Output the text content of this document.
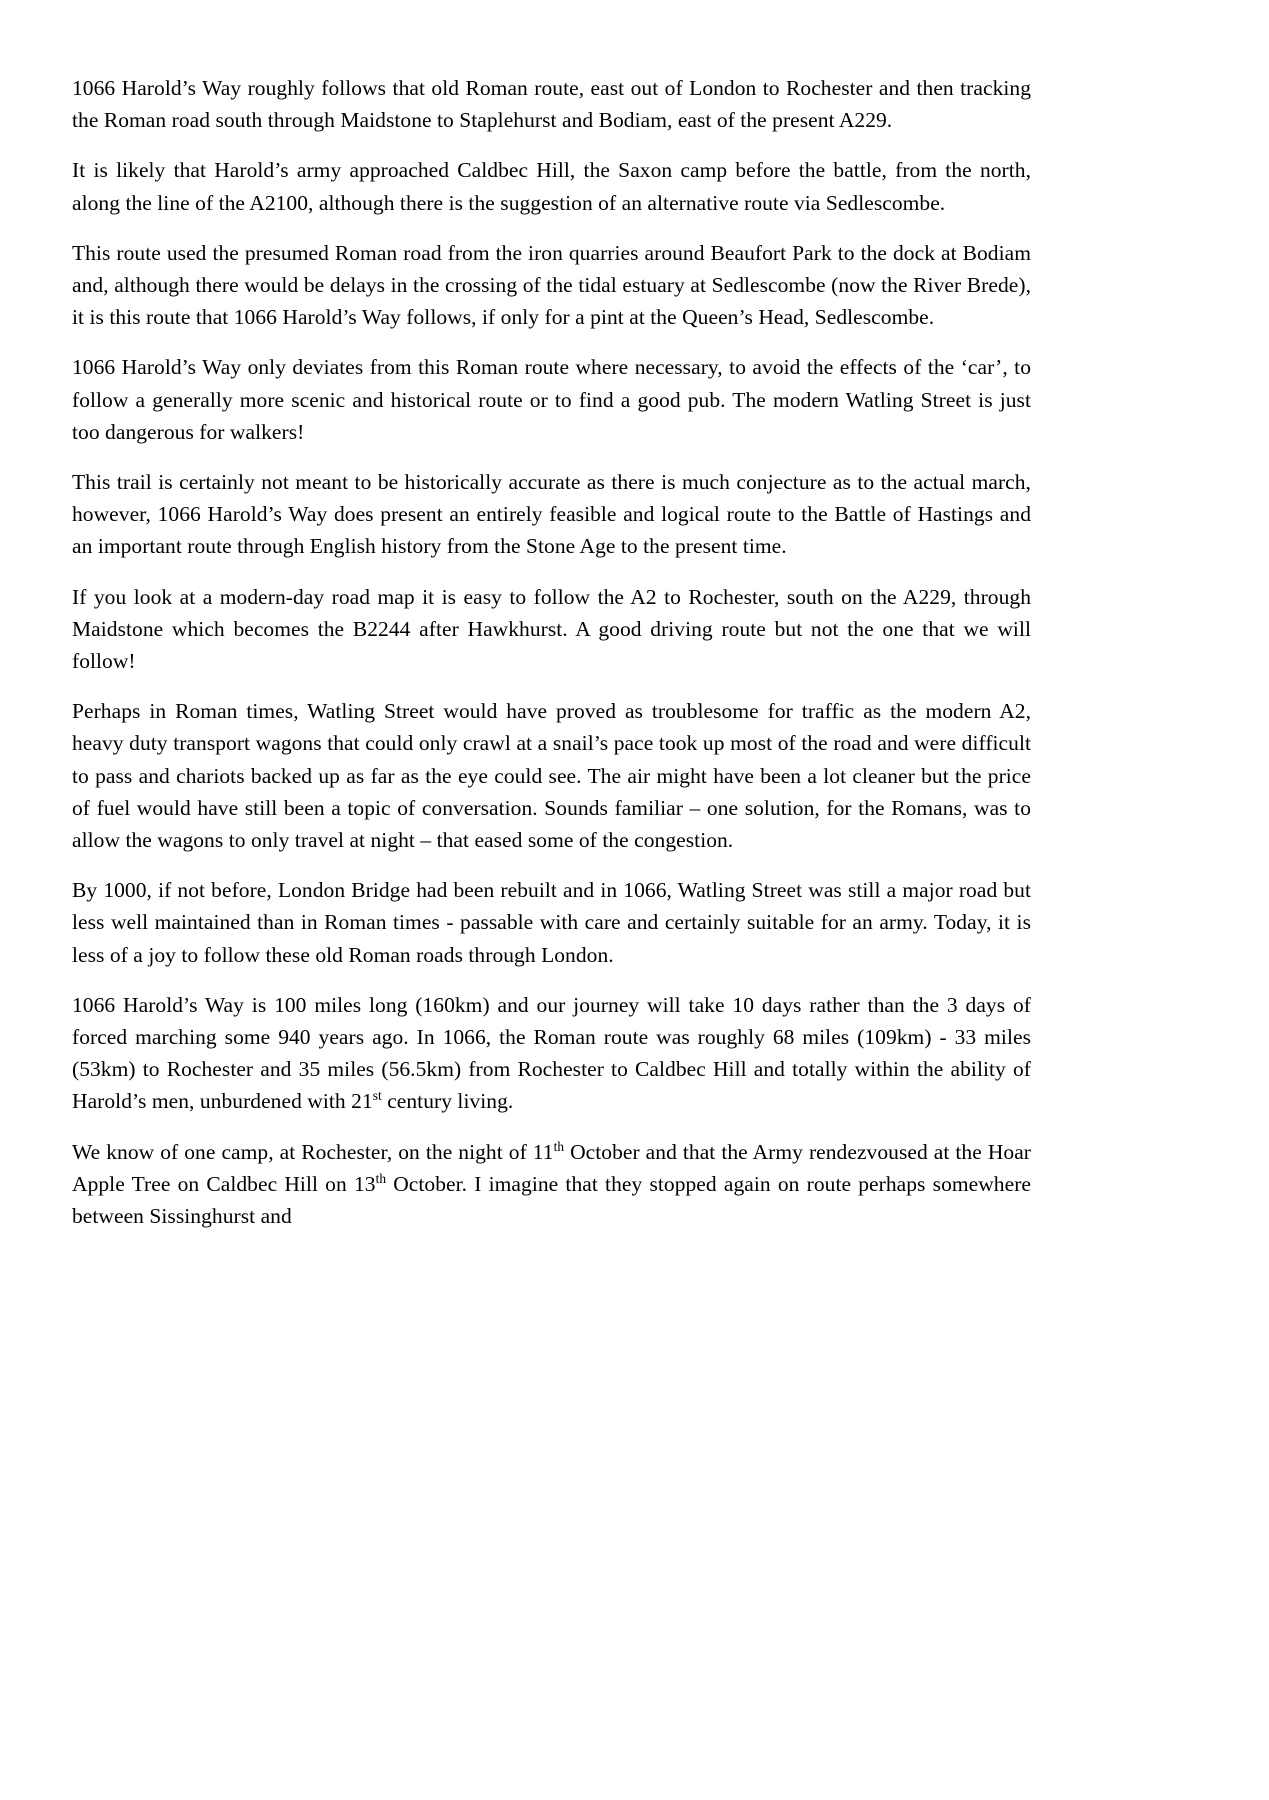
1066 Harold’s Way roughly follows that old Roman route, east out of London to Rochester and then tracking the Roman road south through Maidstone to Staplehurst and Bodiam, east of the present A229.

It is likely that Harold’s army approached Caldbec Hill, the Saxon camp before the battle, from the north, along the line of the A2100, although there is the suggestion of an alternative route via Sedlescombe.

This route used the presumed Roman road from the iron quarries around Beaufort Park to the dock at Bodiam and, although there would be delays in the crossing of the tidal estuary at Sedlescombe (now the River Brede), it is this route that 1066 Harold’s Way follows, if only for a pint at the Queen’s Head, Sedlescombe.

1066 Harold’s Way only deviates from this Roman route where necessary, to avoid the effects of the ‘car’, to follow a generally more scenic and historical route or to find a good pub. The modern Watling Street is just too dangerous for walkers!

This trail is certainly not meant to be historically accurate as there is much conjecture as to the actual march, however, 1066 Harold’s Way does present an entirely feasible and logical route to the Battle of Hastings and an important route through English history from the Stone Age to the present time.

If you look at a modern-day road map it is easy to follow the A2 to Rochester, south on the A229, through Maidstone which becomes the B2244 after Hawkhurst. A good driving route but not the one that we will follow!

Perhaps in Roman times, Watling Street would have proved as troublesome for traffic as the modern A2, heavy duty transport wagons that could only crawl at a snail’s pace took up most of the road and were difficult to pass and chariots backed up as far as the eye could see. The air might have been a lot cleaner but the price of fuel would have still been a topic of conversation. Sounds familiar – one solution, for the Romans, was to allow the wagons to only travel at night – that eased some of the congestion.

By 1000, if not before, London Bridge had been rebuilt and in 1066, Watling Street was still a major road but less well maintained than in Roman times - passable with care and certainly suitable for an army. Today, it is less of a joy to follow these old Roman roads through London.

1066 Harold’s Way is 100 miles long (160km) and our journey will take 10 days rather than the 3 days of forced marching some 940 years ago. In 1066, the Roman route was roughly 68 miles (109km) - 33 miles (53km) to Rochester and 35 miles (56.5km) from Rochester to Caldbec Hill and totally within the ability of Harold’s men, unburdened with 21st century living.

We know of one camp, at Rochester, on the night of 11th October and that the Army rendezvoused at the Hoar Apple Tree on Caldbec Hill on 13th October. I imagine that they stopped again on route perhaps somewhere between Sissinghurst and
